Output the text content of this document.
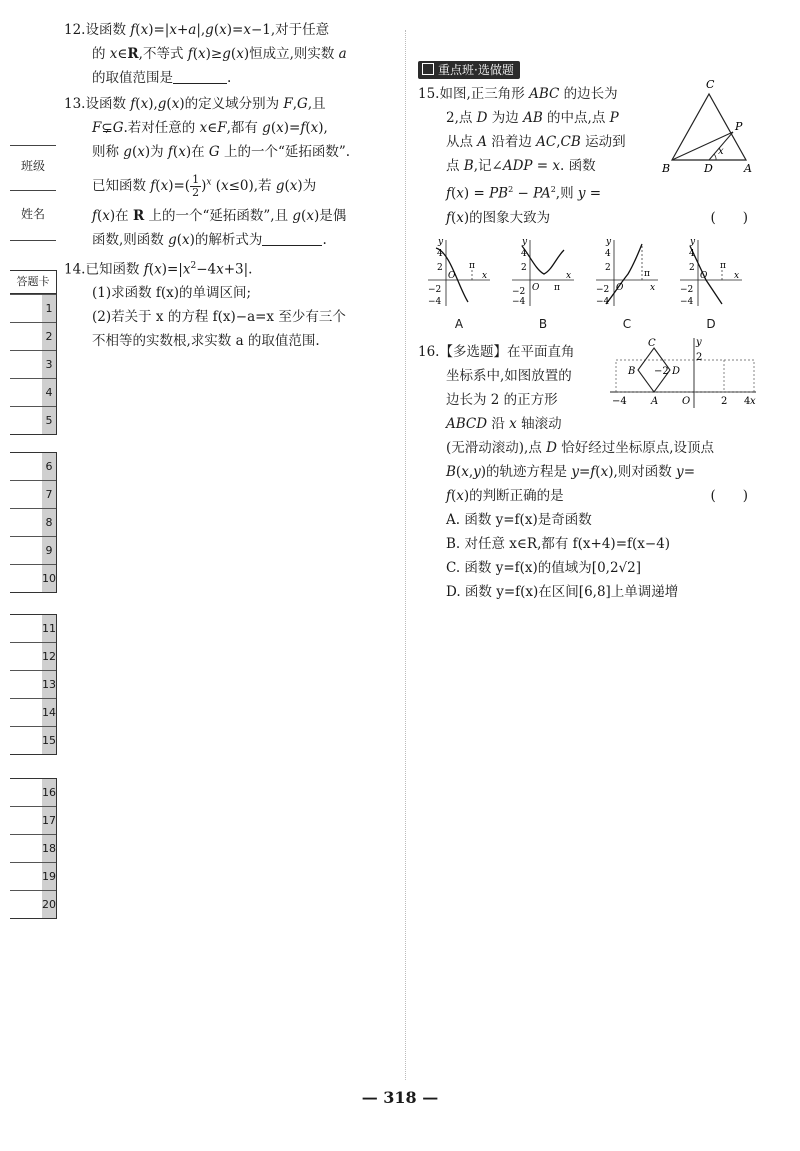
班级
姓名
答题卡
1
2
3
4
5
6
7
8
9
10
11
12
13
14
15
16
17
18
19
20
12.设函数 f(x)=|x+a|,g(x)=x−1,对于任意

的 x∈R,不等式 f(x)≥g(x)恒成立,则实数 a
的取值范围是	.
13.设函数 f(x),g(x)的定义域分别为 F,G,且

F⊊G.若对任意的 x∈F,都有 g(x)=f(x),
则称 g(x)为 f(x)在 G 上的一个“延拓函数”.
已知函数 $f(x)=( \frac{1}{2} )^x$ (x≤0),若 g(x)为
f(x)在 R 上的一个“延拓函数”,且 g(x)是偶
函数,则函数 g(x)的解析式为	.
14.已知函数 $f(x)=|x^2-4x+3|$.

(1)求函数 f(x)的单调区间;
(2)若关于 x 的方程 f(x)−a=x 至少有三个
不相等的实数根,求实数 a 的取值范围.
重点班·选做题
C
P
x
B	D	A
15.如图,正三角形 ABC 的边长为

2,点 D 为边 AB 的中点,点 P
从点 A 沿着边 AC,CB 运动到
点 B,记∠ADP = x. 函数
$f(x) = PB^2 - PA^2$,则 y =

f(x)的图象大致为	(　　)
y
4
2
O
π
x
−2
−4
A
y
4
2
O π
x
−2
−4
B
y
4
2
O
π
x
−2
−4
C
y
4
2
O
π
x
−2
−4
D
C
B	D
A O
y
x
2
−2
−4	2 4
16.【多选题】在平面直角

坐标系中,如图放置的
边长为 2 的正方形
ABCD 沿 x 轴滚动
(无滑动滚动),点 D 恰好经过坐标原点,设顶点
B(x,y)的轨迹方程是 y=f(x),则对函数 y=
f(x)的判断正确的是	(　　)
A. 函数 y=f(x)是奇函数
B. 对任意 x∈R,都有 f(x+4)=f(x−4)
C. 函数 y=f(x)的值域为[0,2√2]
D. 函数 y=f(x)在区间[6,8]上单调递增
— 318 —
